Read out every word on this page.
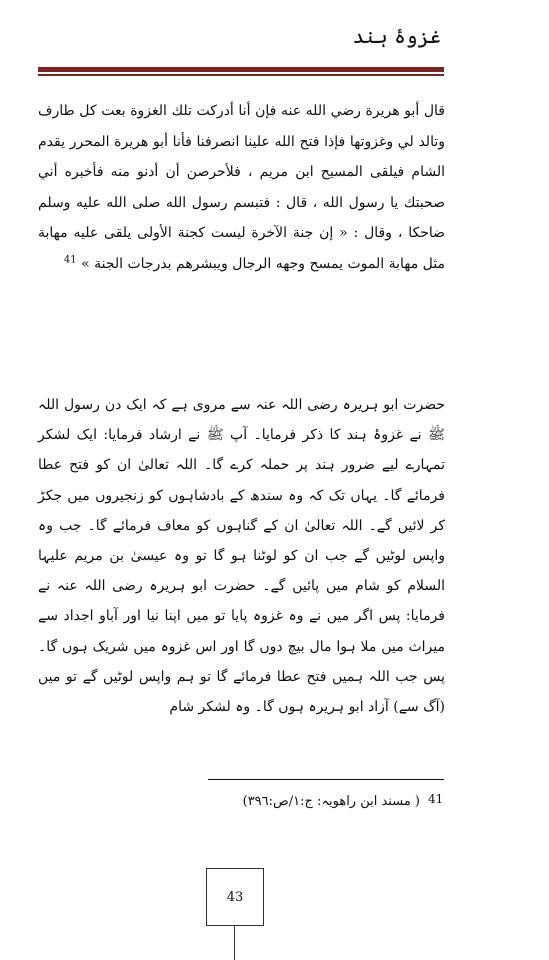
غزوۂ ہند
قال أبو هريرة رضي الله عنه فإن أنا أدركت تلك الغزوة بعت كل طارف وتالد لي وغزوتها فإذا فتح الله علينا انصرفنا فأنا أبو هريرة المحرر يقدم الشام فيلقى المسيح ابن مريم ، فلأحرصن أن أدنو منه فأخبره أني صحبتك يا رسول الله ، قال : فتبسم رسول الله صلى الله عليه وسلم ضاحكا ، وقال : « إن جنة الآخرة ليست كجنة الأولى يلقى عليه مهابة مثل مهابة الموت يمسح وجهه الرجال ويبشرهم بدرجات الجنة » $^{41}$
حضرت ابو ہریرہ رضی اللہ عنہ سے مروی ہے کہ ایک دن رسول اللہ ﷺ نے غزوۂ ہند کا ذکر فرمایا۔ آپ ﷺ نے ارشاد فرمایا: ایک لشکر تمہارے لیے ضرور ہند پر حملہ کرے گا۔ اللہ تعالیٰ ان کو فتح عطا فرمائے گا۔ یہاں تک کہ وہ سندھ کے بادشاہوں کو زنجیروں میں جکڑ کر لائیں گے۔ اللہ تعالیٰ ان کے گناہوں کو معاف فرمائے گا۔ جب وہ واپس لوٹیں گے جب ان کو لوٹنا ہو گا تو وہ عیسیٰ بن مریم علیہا السلام کو شام میں پائیں گے۔ حضرت ابو ہریرہ رضی اللہ عنہ نے فرمایا: پس اگر میں نے وہ غزوہ پایا تو میں اپنا نیا اور آباو اجداد سے میراث میں ملا ہوا مال بیچ دوں گا اور اس غزوہ میں شریک ہوں گا۔ پس جب اللہ ہمیں فتح عطا فرمائے گا تو ہم واپس لوٹیں گے تو میں (آگ سے) آزاد ابو ہریرہ ہوں گا۔ وہ لشکر شام
41
( مسند ابن راھویہ: ج:١/ص:٣٩٦)
43
